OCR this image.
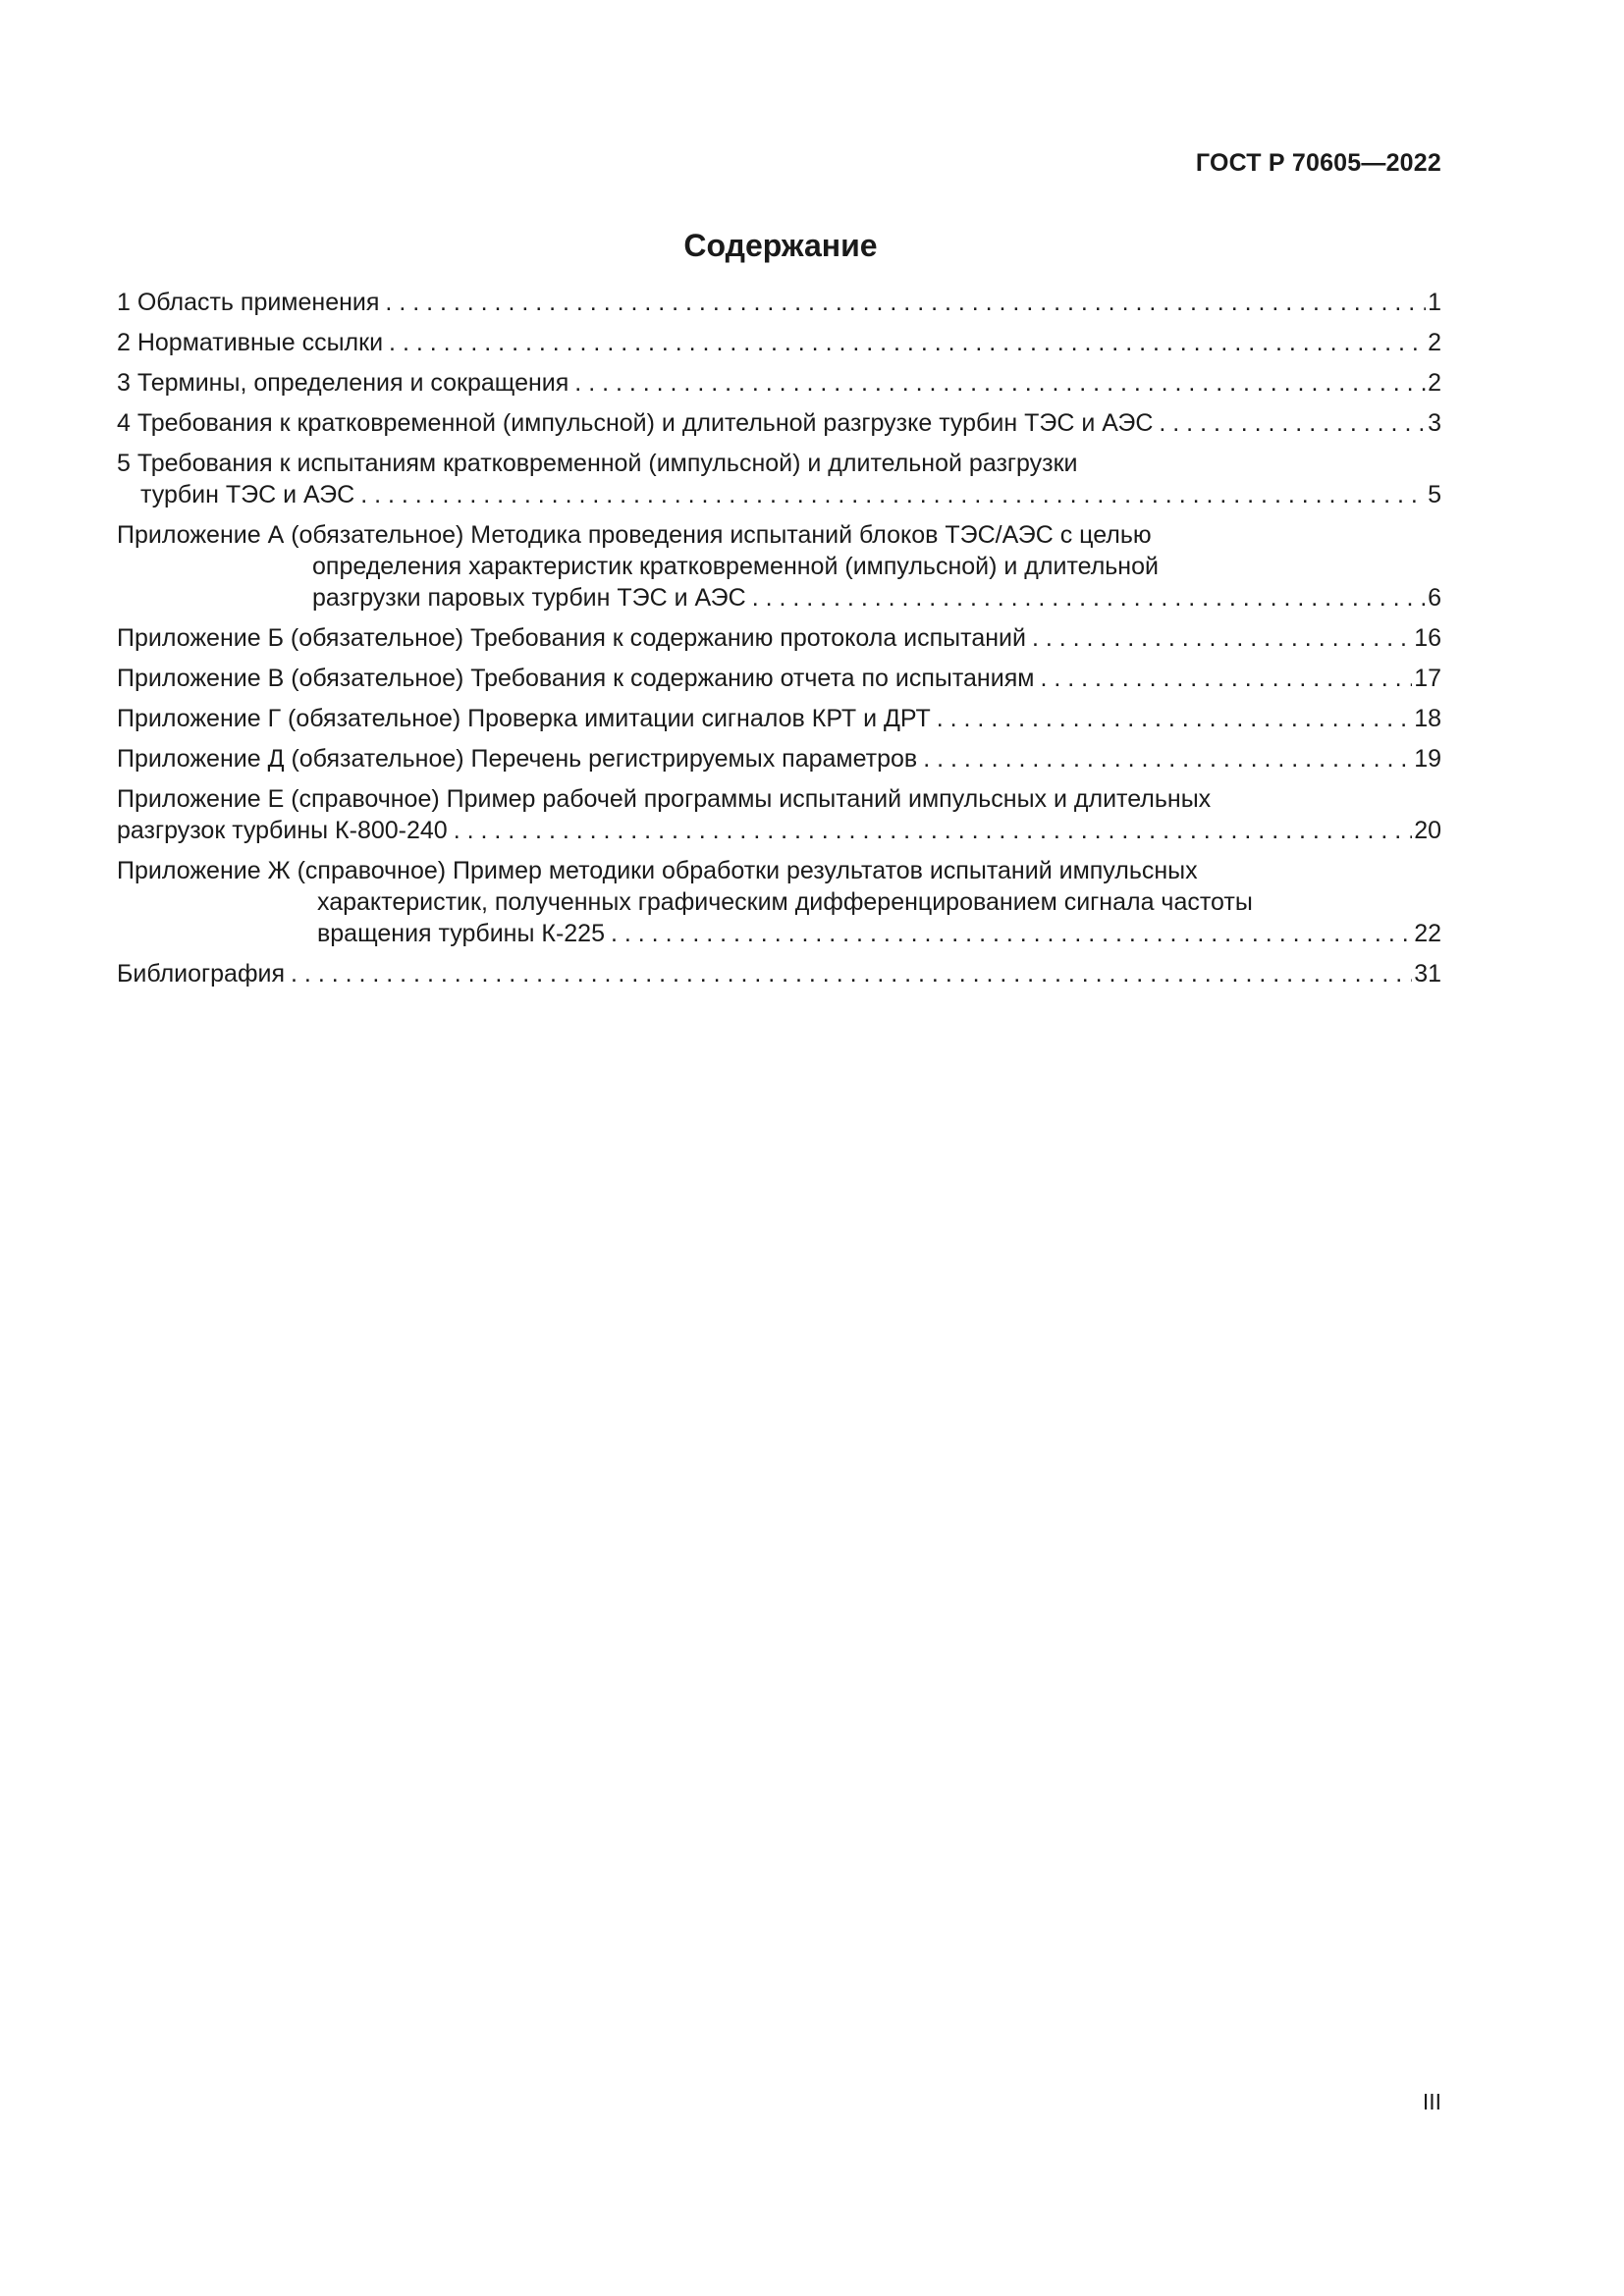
ГОСТ Р 70605—2022
Содержание
1 Область применения . . .	1
2 Нормативные ссылки . . .	2
3 Термины, определения и сокращения . . .	2
4 Требования к кратковременной (импульсной) и длительной разгрузке турбин ТЭС и АЭС . . .	3
5 Требования к испытаниям кратковременной (импульсной) и длительной разгрузки
турбин ТЭС и АЭС . . .	5
Приложение А (обязательное) Методика проведения испытаний блоков ТЭС/АЭС с целью
определения характеристик кратковременной (импульсной) и длительной
разгрузки паровых турбин ТЭС и АЭС . . .	6
Приложение Б (обязательное) Требования к содержанию протокола испытаний . . .	16
Приложение В (обязательное) Требования к содержанию отчета по испытаниям . . .	17
Приложение Г (обязательное) Проверка имитации сигналов КРТ и ДРТ . . .	18
Приложение Д (обязательное) Перечень регистрируемых параметров . . .	19
Приложение Е (справочное) Пример рабочей программы испытаний импульсных и длительных
разгрузок турбины К-800-240 . . .	20
Приложение Ж (справочное) Пример методики обработки результатов испытаний импульсных
характеристик, полученных графическим дифференцированием сигнала частоты
вращения турбины К-225 . . .	22
Библиография . . .	31
III
